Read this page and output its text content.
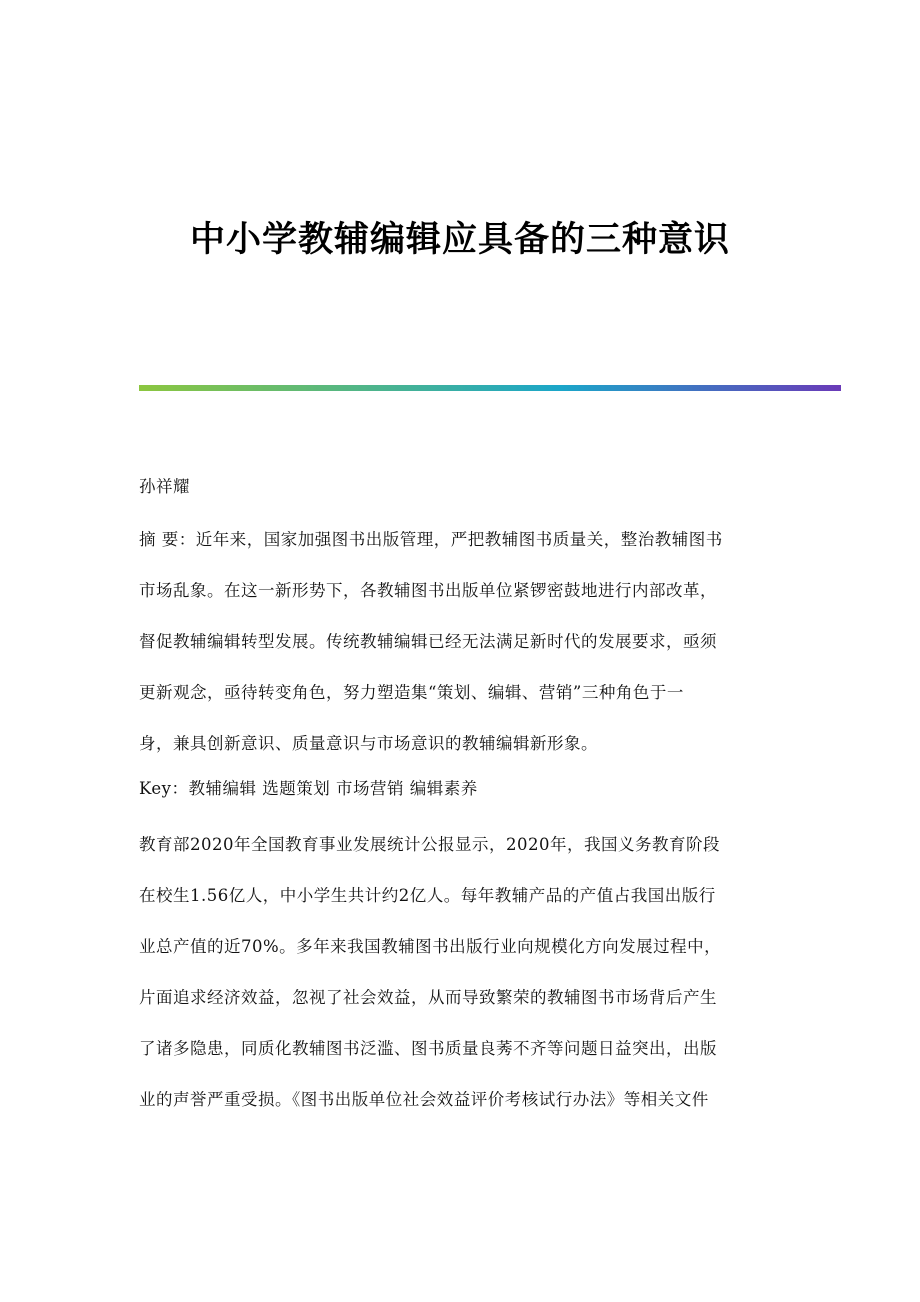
中小学教辅编辑应具备的三种意识
孙祥耀
摘 要：近年来，国家加强图书出版管理，严把教辅图书质量关，整治教辅图书
市场乱象。在这一新形势下，各教辅图书出版单位紧锣密鼓地进行内部改革，
督促教辅编辑转型发展。传统教辅编辑已经无法满足新时代的发展要求，亟须
更新观念，亟待转变角色，努力塑造集“策划、编辑、营销”三种角色于一
身，兼具创新意识、质量意识与市场意识的教辅编辑新形象。
Key：教辅编辑 选题策划 市场营销 编辑素养
教育部2020年全国教育事业发展统计公报显示，2020年，我国义务教育阶段
在校生1.56亿人，中小学生共计约2亿人。每年教辅产品的产值占我国出版行
业总产值的近70%。多年来我国教辅图书出版行业向规模化方向发展过程中，
片面追求经济效益，忽视了社会效益，从而导致繁荣的教辅图书市场背后产生
了诸多隐患，同质化教辅图书泛滥、图书质量良莠不齐等问题日益突出，出版
业的声誉严重受损。《图书出版单位社会效益评价考核试行办法》等相关文件
